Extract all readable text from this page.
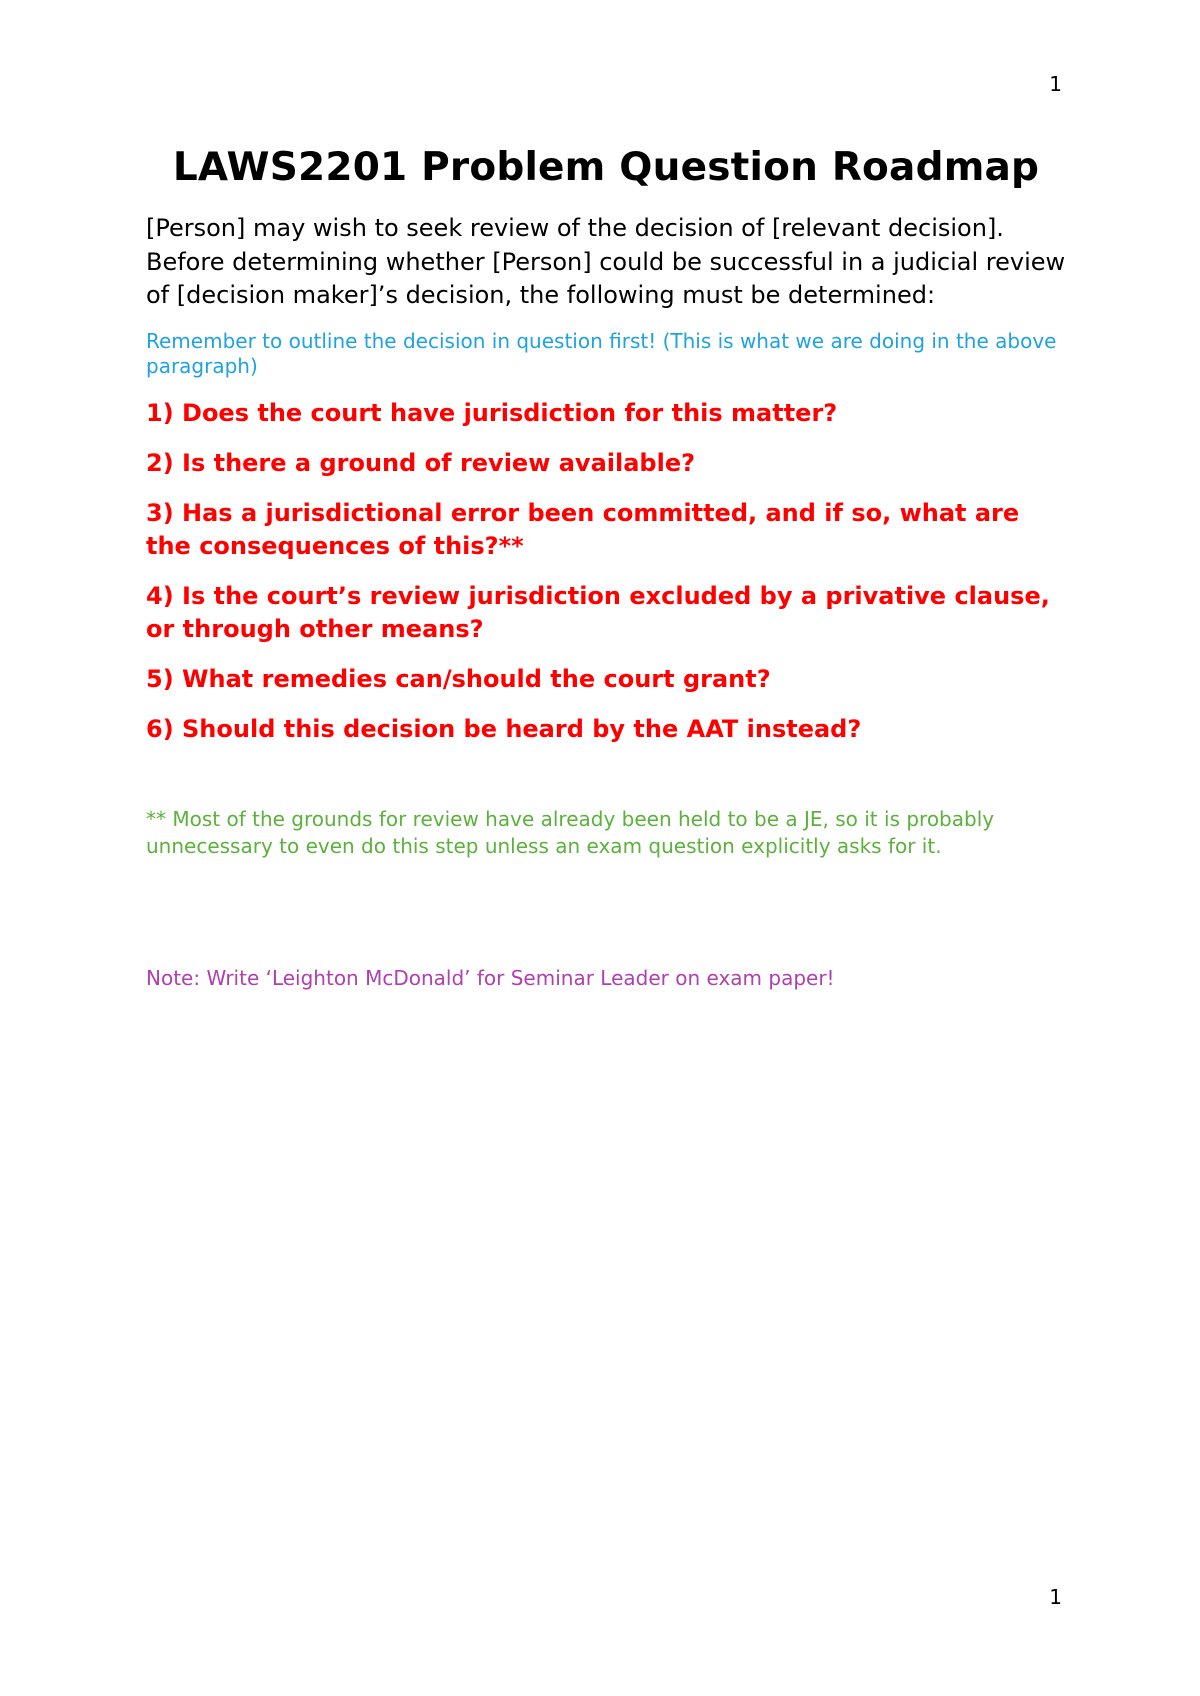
1
LAWS2201 Problem Question Roadmap

[Person] may wish to seek review of the decision of [relevant decision]. Before determining whether [Person] could be successful in a judicial review of [decision maker]’s decision, the following must be determined:

Remember to outline the decision in question first! (This is what we are doing in the above paragraph)

1) Does the court have jurisdiction for this matter?
2) Is there a ground of review available?
3) Has a jurisdictional error been committed, and if so, what are the consequences of this?**
4) Is the court’s review jurisdiction excluded by a privative clause, or through other means?
5) What remedies can/should the court grant?
6) Should this decision be heard by the AAT instead?

** Most of the grounds for review have already been held to be a JE, so it is probably unnecessary to even do this step unless an exam question explicitly asks for it.

Note: Write ‘Leighton McDonald’ for Seminar Leader on exam paper!

1
